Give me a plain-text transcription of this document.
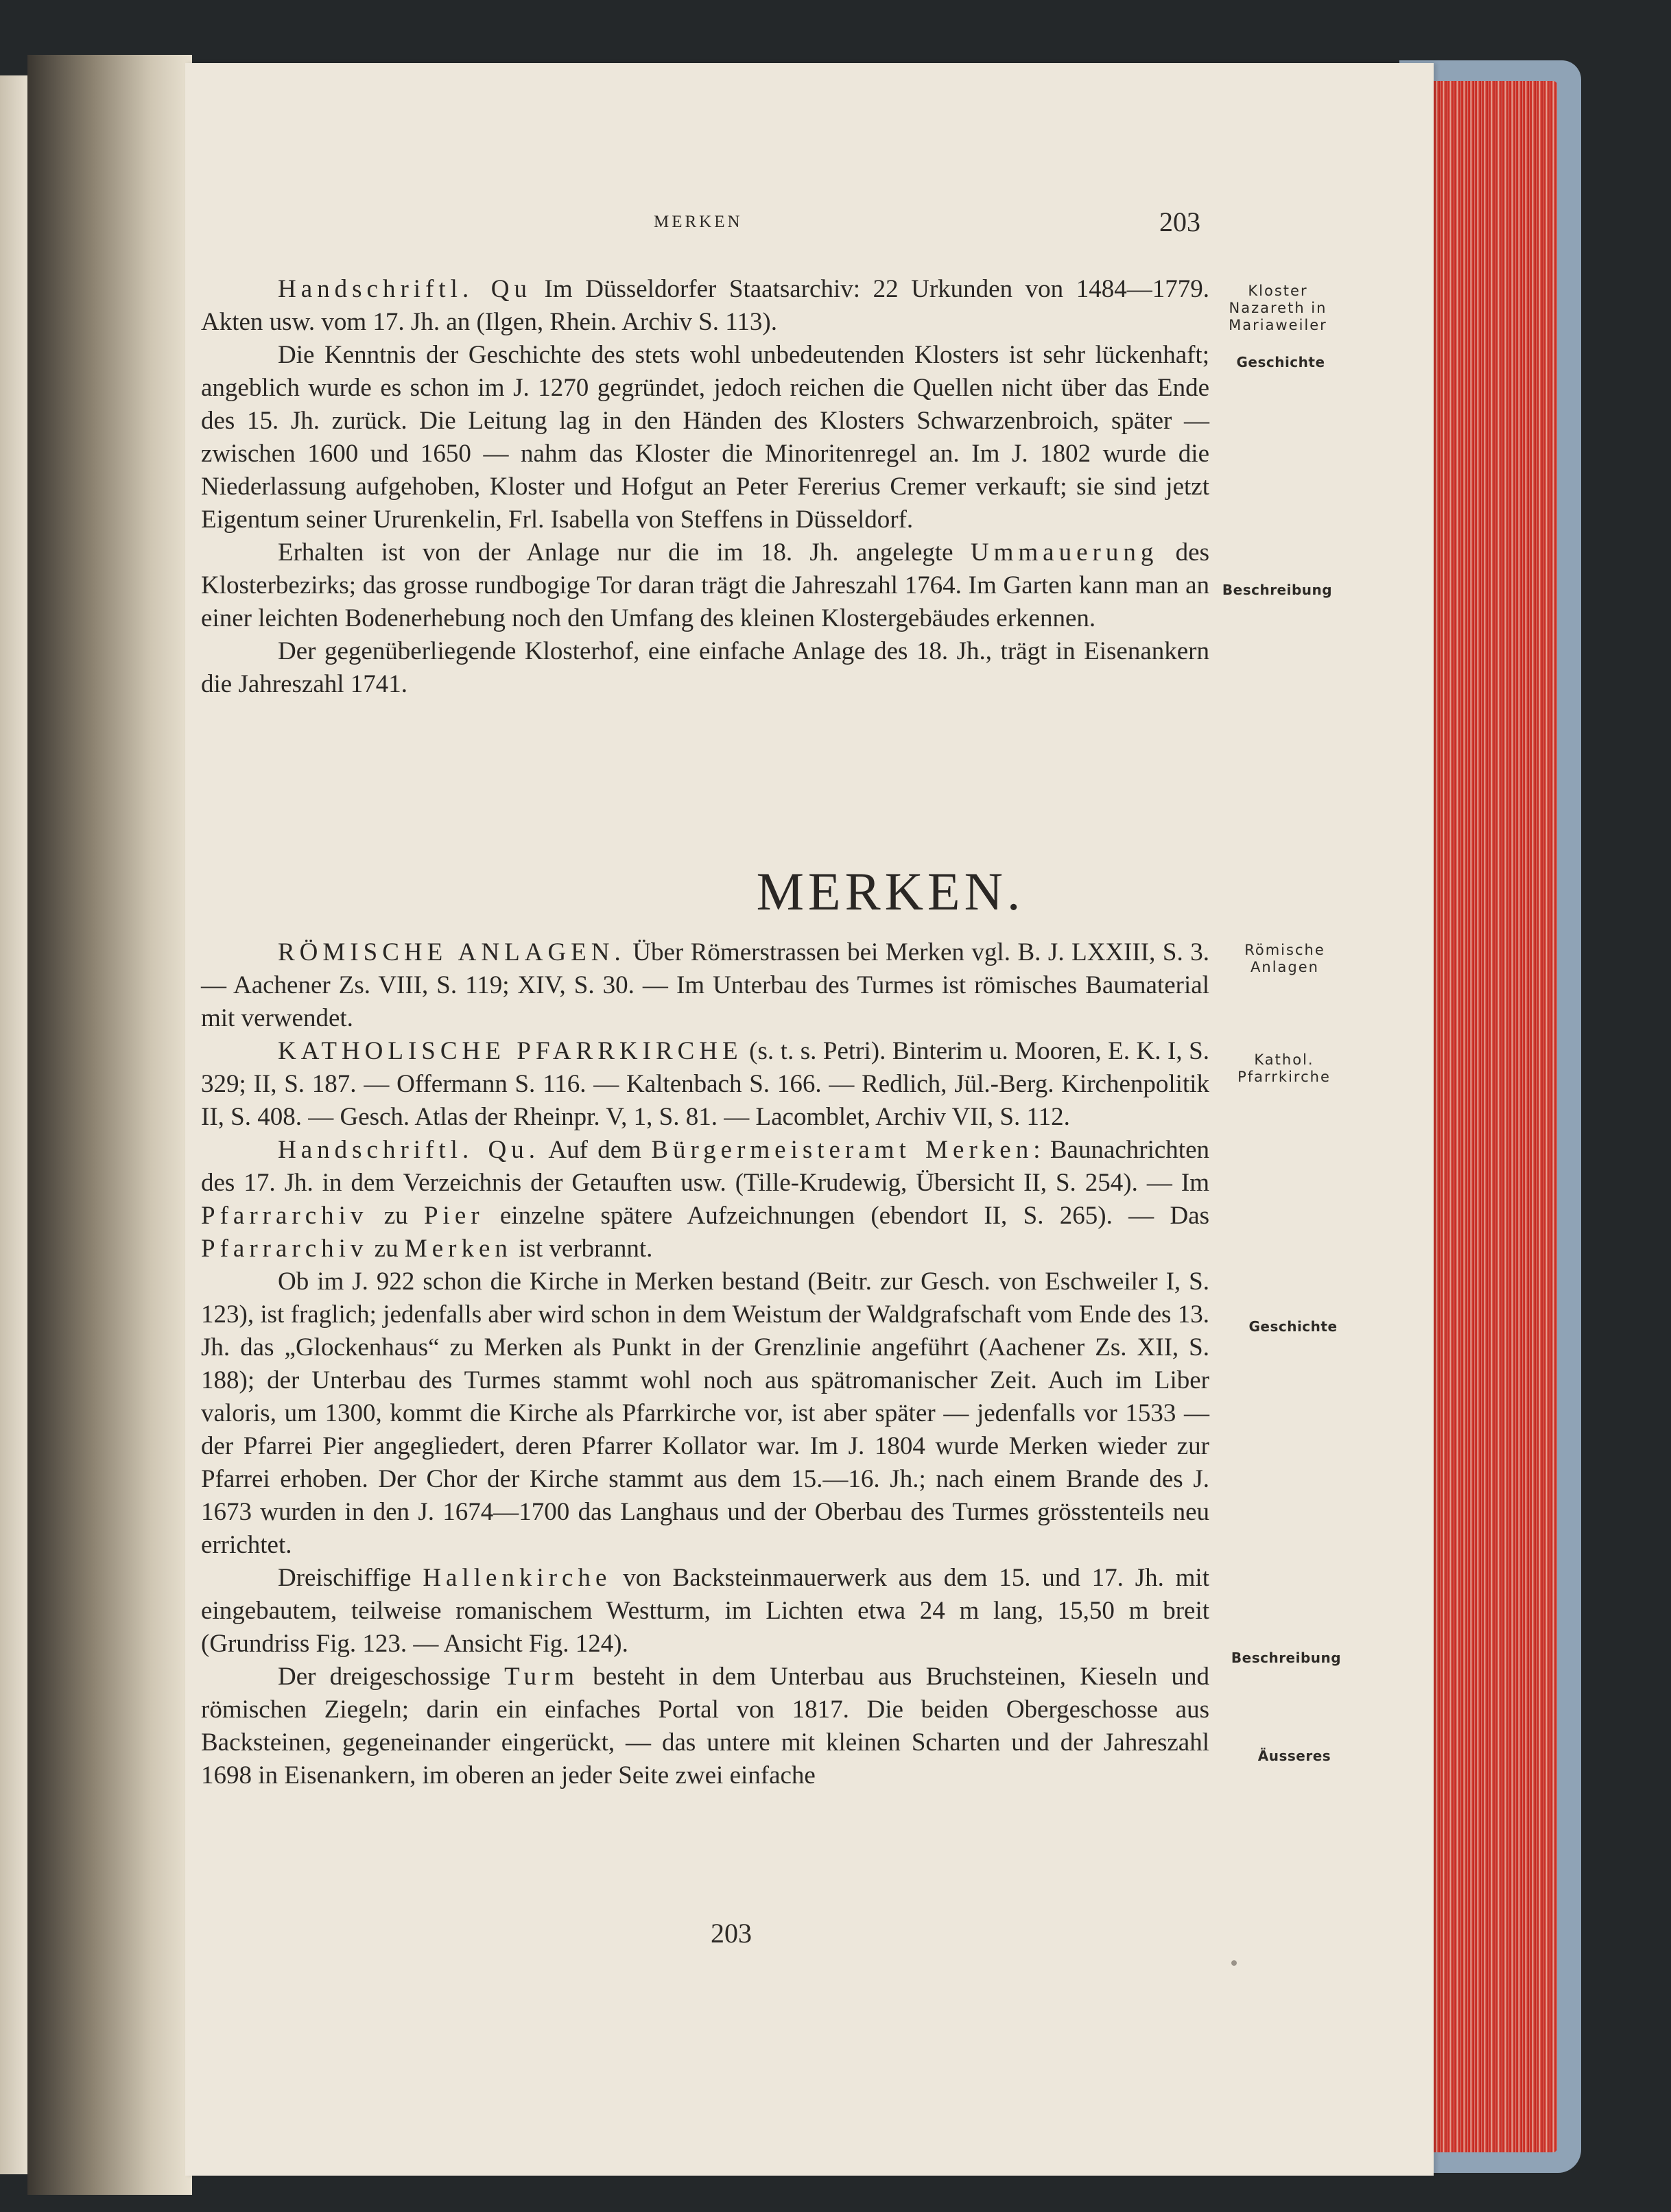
MERKEN	203

Handschriftl. Qu Im Düsseldorfer Staatsarchiv: 22 Urkunden von 1484—1779. Akten usw. vom 17. Jh. an (Ilgen, Rhein. Archiv S. 113).

Die Kenntnis der Geschichte des stets wohl unbedeutenden Klosters ist sehr lückenhaft; angeblich wurde es schon im J. 1270 gegründet, jedoch reichen die Quellen nicht über das Ende des 15. Jh. zurück. Die Leitung lag in den Händen des Klosters Schwarzenbroich, später — zwischen 1600 und 1650 — nahm das Kloster die Minoritenregel an. Im J. 1802 wurde die Niederlassung aufgehoben, Kloster und Hofgut an Peter Fererius Cremer verkauft; sie sind jetzt Eigentum seiner Ururenkelin, Frl. Isabella von Steffens in Düsseldorf.

Erhalten ist von der Anlage nur die im 18. Jh. angelegte Ummauerung des Klosterbezirks; das grosse rundbogige Tor daran trägt die Jahreszahl 1764. Im Garten kann man an einer leichten Bodenerhebung noch den Umfang des kleinen Klostergebäudes erkennen.

Der gegenüberliegende Klosterhof, eine einfache Anlage des 18. Jh., trägt in Eisenankern die Jahreszahl 1741.

MERKEN.

RÖMISCHE ANLAGEN. Über Römerstrassen bei Merken vgl. B. J. LXXIII, S. 3. — Aachener Zs. VIII, S. 119; XIV, S. 30. — Im Unterbau des Turmes ist römisches Baumaterial mit verwendet.

KATHOLISCHE PFARRKIRCHE (s. t. s. Petri). Binterim u. Mooren, E. K. I, S. 329; II, S. 187. — Offermann S. 116. — Kaltenbach S. 166. — Redlich, Jül.-Berg. Kirchenpolitik II, S. 408. — Gesch. Atlas der Rheinpr. V, 1, S. 81. — Lacomblet, Archiv VII, S. 112.

Handschriftl. Qu. Auf dem Bürgermeisteramt Merken: Baunachrichten des 17. Jh. in dem Verzeichnis der Getauften usw. (Tille-Krudewig, Übersicht II, S. 254). — Im Pfarrarchiv zu Pier einzelne spätere Aufzeichnungen (ebendort II, S. 265). — Das Pfarrarchiv zu Merken ist verbrannt.

Ob im J. 922 schon die Kirche in Merken bestand (Beitr. zur Gesch. von Eschweiler I, S. 123), ist fraglich; jedenfalls aber wird schon in dem Weistum der Waldgrafschaft vom Ende des 13. Jh. das „Glockenhaus“ zu Merken als Punkt in der Grenzlinie angeführt (Aachener Zs. XII, S. 188); der Unterbau des Turmes stammt wohl noch aus spätromanischer Zeit. Auch im Liber valoris, um 1300, kommt die Kirche als Pfarrkirche vor, ist aber später — jedenfalls vor 1533 — der Pfarrei Pier angegliedert, deren Pfarrer Kollator war. Im J. 1804 wurde Merken wieder zur Pfarrei erhoben. Der Chor der Kirche stammt aus dem 15.—16. Jh.; nach einem Brande des J. 1673 wurden in den J. 1674—1700 das Langhaus und der Oberbau des Turmes grösstenteils neu errichtet.

Dreischiffige Hallenkirche von Backsteinmauerwerk aus dem 15. und 17. Jh. mit eingebautem, teilweise romanischem Westturm, im Lichten etwa 24 m lang, 15,50 m breit (Grundriss Fig. 123. — Ansicht Fig. 124).

Der dreigeschossige Turm besteht in dem Unterbau aus Bruchsteinen, Kieseln und römischen Ziegeln; darin ein einfaches Portal von 1817. Die beiden Obergeschosse aus Backsteinen, gegeneinander eingerückt, — das untere mit kleinen Scharten und der Jahreszahl 1698 in Eisenankern, im oberen an jeder Seite zwei einfache

Kloster
Nazareth in
Mariaweiler
Geschichte
Beschreibung
Römische
Anlagen
Kathol.
Pfarrkirche
Geschichte
Beschreibung
Äusseres
203
